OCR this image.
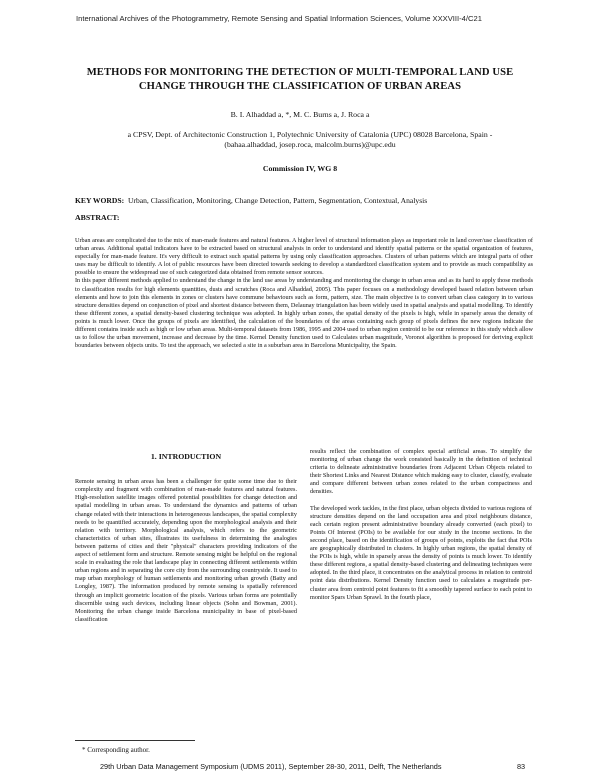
International Archives of the Photogrammetry, Remote Sensing and Spatial Information Sciences, Volume XXXVIII-4/C21
METHODS FOR MONITORING THE DETECTION OF MULTI-TEMPORAL LAND USE
CHANGE THROUGH THE CLASSIFICATION OF URBAN AREAS
B. I. Alhaddad a, *, M. C. Burns a, J. Roca a
a CPSV, Dept. of Architectonic Construction 1, Polytechnic University of Catalonia (UPC) 08028 Barcelona, Spain -
(bahaa.alhaddad, josep.roca, malcolm.burns)@upc.edu
Commission IV, WG 8
KEY WORDS: Urban, Classification, Monitoring, Change Detection, Pattern, Segmentation, Contextual, Analysis
ABSTRACT:

Urban areas are complicated due to the mix of man-made features and natural features. A higher level of structural information plays as important role in land cover/use classification of urban areas. Additional spatial indicators have to be extracted based on structural analysis in order to understand and identify spatial patterns or the spatial organization of features, especially for man-made feature. It's very difficult to extract such spatial patterns by using only classification approaches. Clusters of urban patterns which are integral parts of other uses may be difficult to identify. A lot of public resources have been directed towards seeking to develop a standardized classification system and to provide as much compatibility as possible to ensure the widespread use of such categorized data obtained from remote sensor sources.

In this paper different methods applied to understand the change in the land use areas by understanding and monitoring the change in urban areas and as its hard to apply those methods to classification results for high elements quantities, dusts and scratches (Roca and Alhaddad, 2005). This paper focuses on a methodology developed based relation between urban elements and how to join this elements in zones or clusters have commune behaviours such as form, pattern, size. The main objective is to convert urban class category in to various structure densities depend on conjunction of pixel and shortest distance between them, Delaunay triangulation has been widely used in spatial analysis and spatial modelling. To identify these different zones, a spatial density-based clustering technique was adopted. In highly urban zones, the spatial density of the pixels is high, while in sparsely areas the density of points is much lower. Once the groups of pixels are identified, the calculation of the boundaries of the areas containing each group of pixels defines the new regions indicate the different contains inside such as high or low urban areas. Multi-temporal datasets from 1986, 1995 and 2004 used to urban region centroid to be our reference in this study which allow us to follow the urban movement, increase and decrease by the time. Kernel Density function used to Calculates urban magnitude, Voronoi algorithm is proposed for deriving explicit boundaries between objects units. To test the approach, we selected a site in a suburban area in Barcelona Municipality, the Spain.

1. INTRODUCTION

Remote sensing in urban areas has been a challenger for quite some time due to their complexity and fragment with combination of man-made features and natural features. High-resolution satellite images offered potential possibilities for change detection and spatial modelling in urban areas. To understand the dynamics and patterns of urban change related with their interactions in heterogeneous landscapes, the spatial complexity needs to be quantified accurately, depending upon the morphological analysis and their relation with territory. Morphological analysis, which refers to the geometric characteristics of urban sites, illustrates its usefulness in determining the analogies between patterns of cities and their "physical" characters providing indicators of the aspect of settlement form and structure. Remote sensing might be helpful on the regional scale in evaluating the role that landscape play in connecting different settlements within urban regions and in separating the core city from the surrounding countryside. It used to map urban morphology of human settlements and monitoring urban growth (Batty and Longley, 1987). The information produced by remote sensing is spatially referenced through an implicit geometric location of the pixels. Various urban forms are potentially discernible using such devices, including linear objects (Sohn and Bowman, 2001). Monitoring the urban change inside Barcelona municipality in base of pixel-based classification

results reflect the combination of complex special artificial areas. To simplify the monitoring of urban change the work consisted basically in the definition of technical criteria to delineate administrative boundaries from Adjacent Urban Objects related to their Shortest Links and Nearest Distance which making easy to cluster, classify, evaluate and compare different between urban zones related to the urban compactness and densities.

The developed work tackles, in the first place, urban objects divided to various regions of structure densities depend on the land occupation area and pixel neighbours distance, each certain region present administrative boundary already converted (each pixel) to Points Of Interest (POIs) to be available for our study in the income sections. In the second place, based on the identification of groups of points, exploits the fact that POIs are geographically distributed in clusters. In highly urban regions, the spatial density of the POIs is high, while in sparsely areas the density of points is much lower. To identify these different regions, a spatial density-based clustering and delineating techniques were adopted. In the third place, it concentrates on the analytical process in relation to centroid point data distributions. Kernel Density function used to calculates a magnitude per-cluster area from centroid point features to fit a smoothly tapered surface to each point to monitor Spars Urban Sprawl. In the fourth place,

* Corresponding author.
29th Urban Data Management Symposium (UDMS 2011), September 28-30, 2011, Delft, The Netherlands	83
